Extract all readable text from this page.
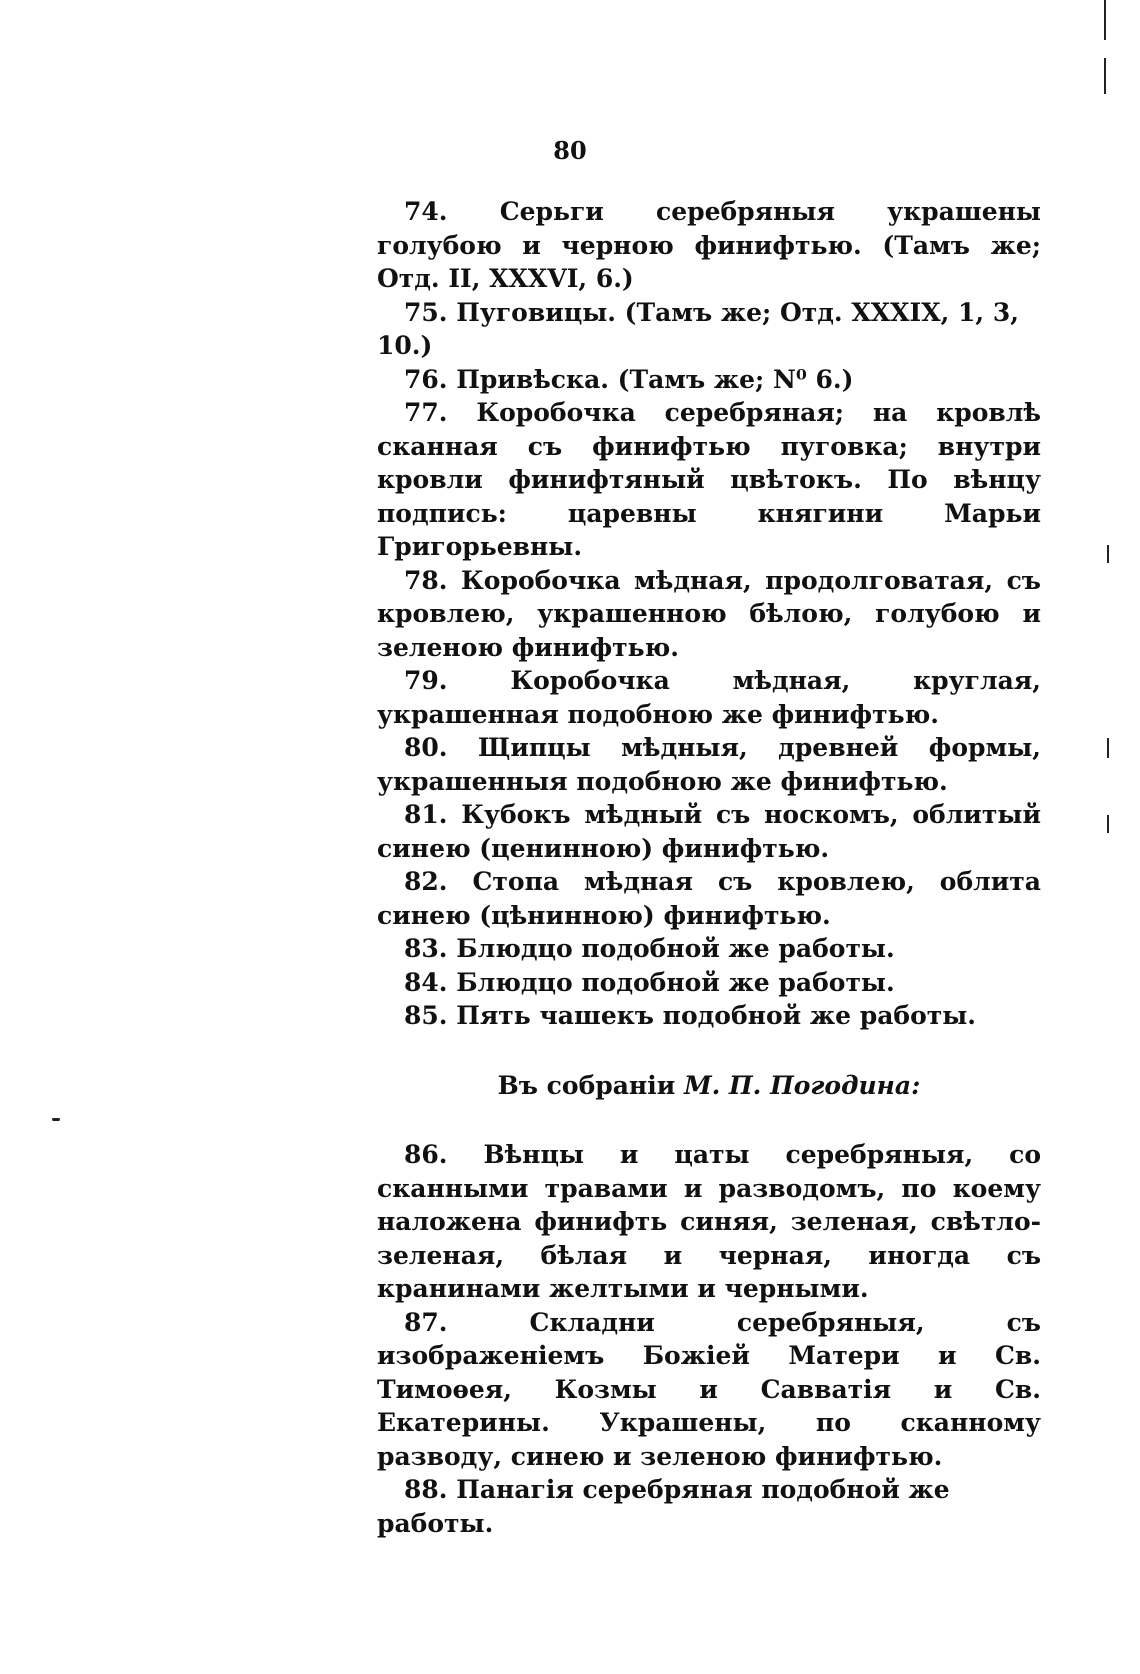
80

74. Серьги серебряныя украшены голубою и черною финифтью. (Тамъ же; Отд. II, XXXVI, 6.)

75. Пуговицы. (Тамъ же; Отд. XXXIX, 1, 3, 10.)

76. Привѣска. (Тамъ же; N⁰ 6.)

77. Коробочка серебряная; на кровлѣ сканная съ финифтью пуговка; внутри кровли финифтяный цвѣтокъ. По вѣнцу подпись: царевны княгини Марьи Григорьевны.

78. Коробочка мѣдная, продолговатая, съ кровлею, украшенною бѣлою, голубою и зеленою финифтью.

79.	Коробочка мѣдная, круглая, украшенная подобною же финифтью.

80. Щипцы мѣдныя, древней формы, украшенныя подобною же финифтью.

81. Кубокъ мѣдный съ носкомъ, облитый синею (ценинною) финифтью.

82. Стопа мѣдная съ кровлею, облита синею (цѣнинною) финифтью.

83. Блюдцо подобной же работы.

84. Блюдцо подобной же работы.

85. Пять чашекъ подобной же работы.

Въ собраніи М. П. Погодина:

86. Вѣнцы и цаты серебряныя, со сканными травами и разводомъ, по коему наложена финифть синяя, зеленая, свѣтло-зеленая, бѣлая и черная, иногда съ кранинами желтыми и черными.

87.	Складни серебряныя, съ изображеніемъ Божіей Матери и Св. Тимоѳея, Козмы и Савватія и Св. Екатерины. Украшены, по сканному разводу, синею и зеленою финифтью.

88. Панагія серебряная подобной же работы.
